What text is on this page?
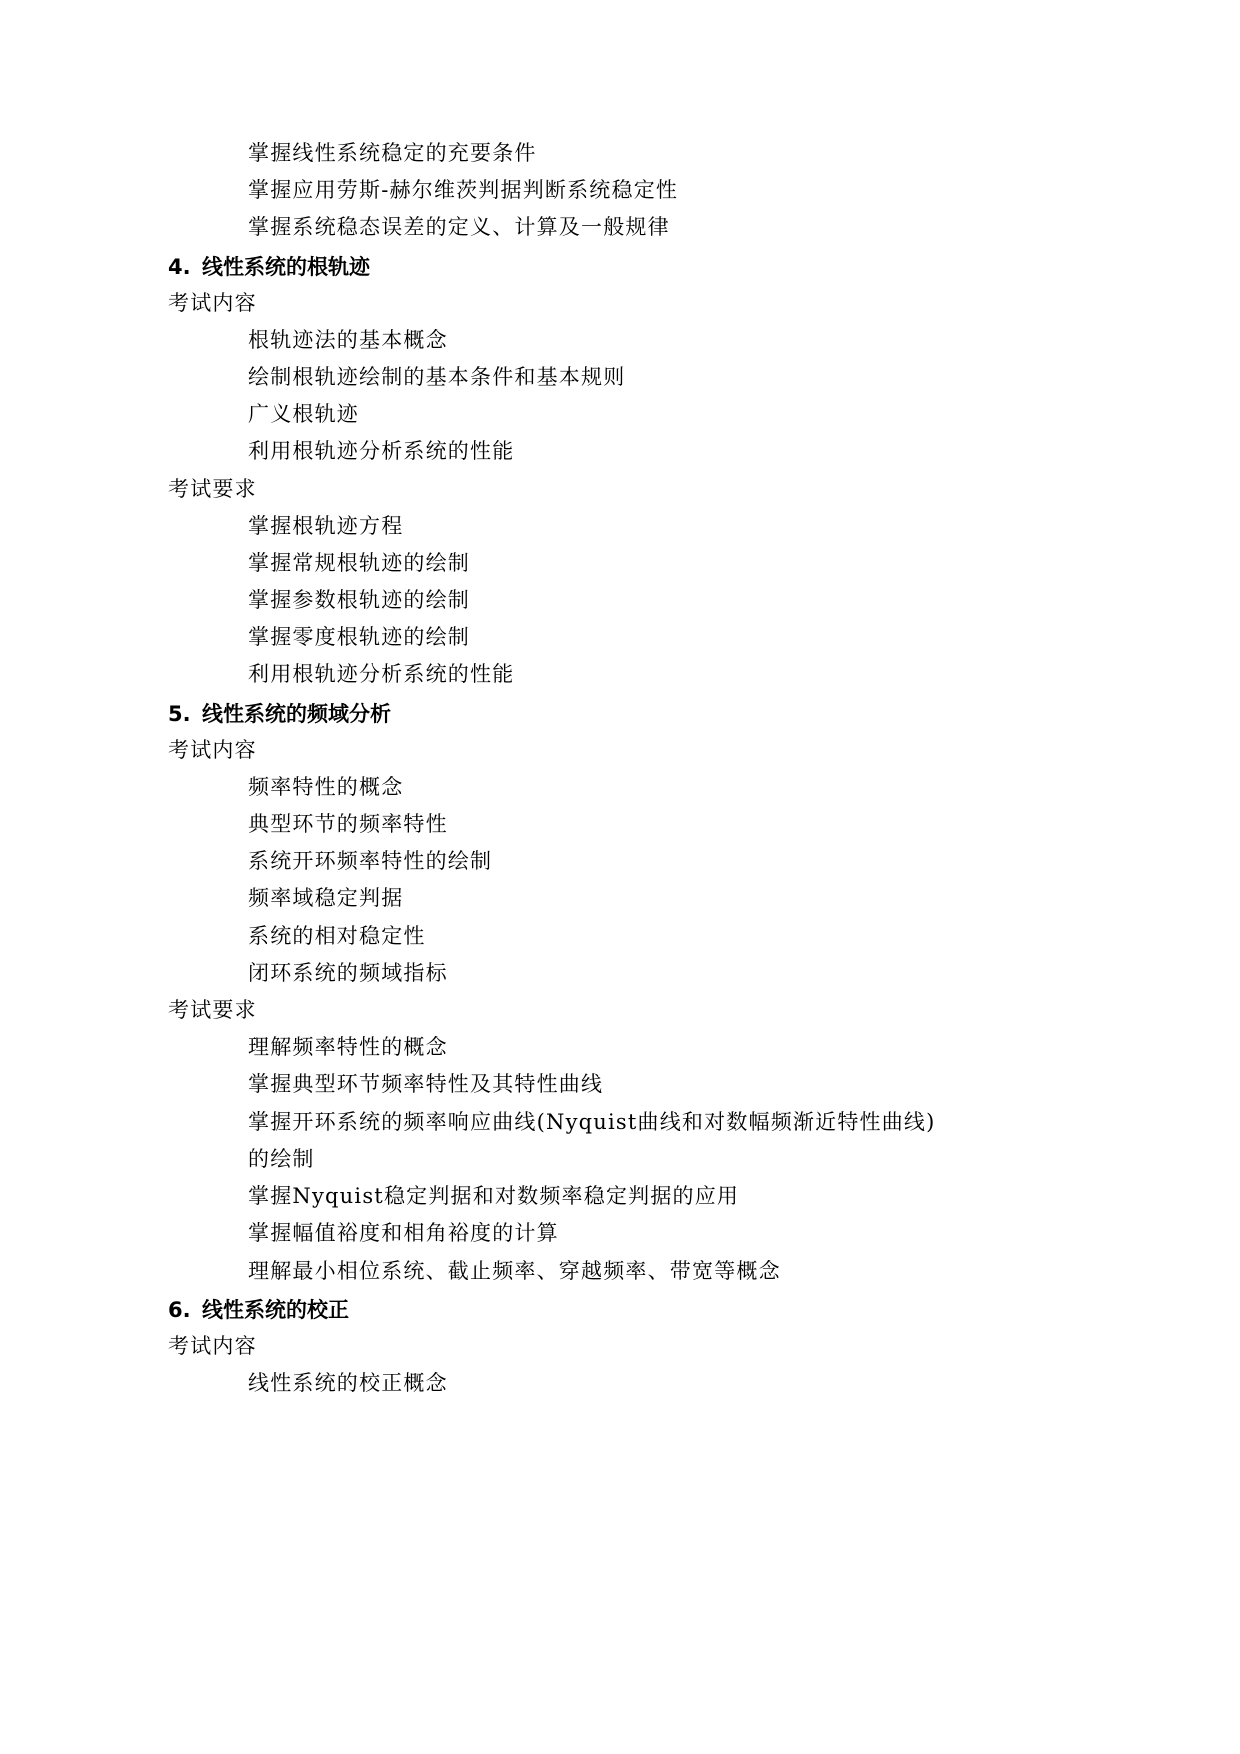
掌握线性系统稳定的充要条件
掌握应用劳斯-赫尔维茨判据判断系统稳定性
掌握系统稳态误差的定义、计算及一般规律
4. 线性系统的根轨迹
考试内容
根轨迹法的基本概念
绘制根轨迹绘制的基本条件和基本规则
广义根轨迹
利用根轨迹分析系统的性能
考试要求
掌握根轨迹方程
掌握常规根轨迹的绘制
掌握参数根轨迹的绘制
掌握零度根轨迹的绘制
利用根轨迹分析系统的性能
5. 线性系统的频域分析
考试内容
频率特性的概念
典型环节的频率特性
系统开环频率特性的绘制
频率域稳定判据
系统的相对稳定性
闭环系统的频域指标
考试要求
理解频率特性的概念
掌握典型环节频率特性及其特性曲线
掌握开环系统的频率响应曲线(Nyquist曲线和对数幅频渐近特性曲线)
的绘制
掌握Nyquist稳定判据和对数频率稳定判据的应用
掌握幅值裕度和相角裕度的计算
理解最小相位系统、截止频率、穿越频率、带宽等概念
6. 线性系统的校正
考试内容
线性系统的校正概念
